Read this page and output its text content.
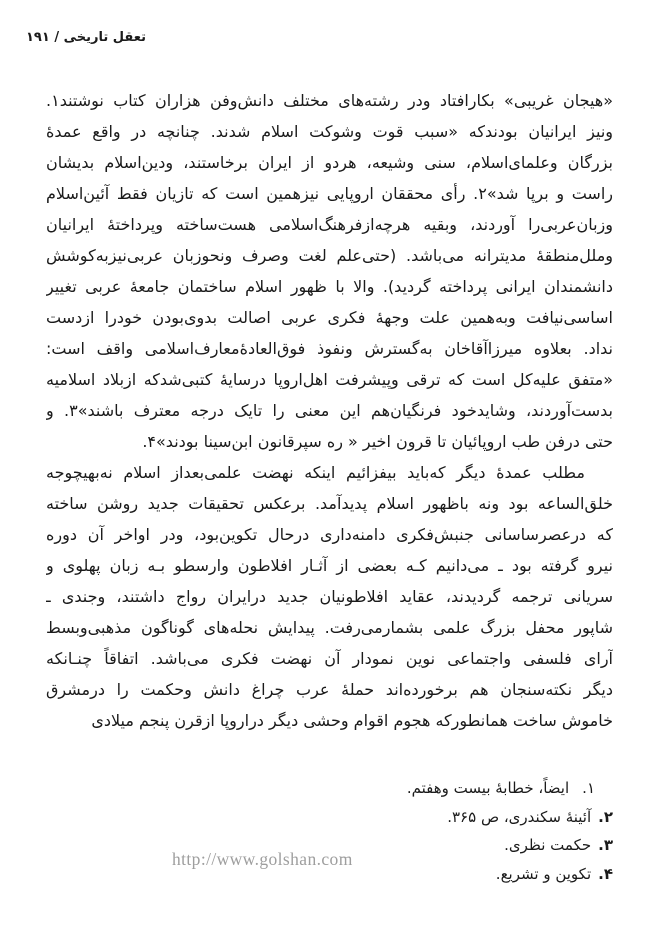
تعقل تاریخی / ۱۹۱
«هیجان غریبی» بکارافتاد ودر رشته‌های مختلف دانش‌وفن هزاران کتاب نوشتند۱.
ونیز ایرانیان بودندکه «سبب قوت وشوکت اسلام شدند. چنانچه در واقع عمدهٔ
بزرگان وعلمای‌اسلام، سنی وشیعه، هردو از ایران برخاستند، ودین‌اسلام بدیشان
راست و برپا شد»۲. رأی محققان اروپایی نیزهمین است که تازیان فقط آئین‌اسلام
وزبان‌عربی‌را آوردند، وبقیه هرچه‌ازفرهنگ‌اسلامی هست‌ساخته وپرداختهٔ ایرانیان
وملل‌منطقهٔ مدیترانه می‌باشد. (حتی‌علم لغت وصرف ونحوزبان عربی‌نیزبه‌کوشش
دانشمندان ایرانی پرداخته گردید). والا با ظهور اسلام ساختمان جامعهٔ عربی تغییر
اساسی‌نیافت وبه‌همین علت وجههٔ فکری عربی اصالت بدوی‌بودن خودرا ازدست
نداد. بعلاوه میرزاآقاخان به‌گسترش ونفوذ فوق‌العادهٔ‌معارف‌اسلامی واقف است:
«متفق علیه‌کل است که ترقی وپیشرفت اهل‌اروپا درسایهٔ کتبی‌شدکه ازبلاد اسلامیه
بدست‌آوردند، وشایدخود فرنگیان‌هم این معنی را تایک درجه معترف باشند»۳. و
حتی درفن طب اروپائیان تا قرون اخیر « ره سپرقانون ابن‌سینا بودند»۴.
مطلب عمدهٔ دیگر که‌باید بیفزائیم اینکه نهضت علمی‌بعداز اسلام نه‌بهیچوجه
خلق‌الساعه بود ونه باظهور اسلام پدیدآمد. برعکس تحقیقات جدید روشن ساخته
که درعصرساسانی جنبش‌فکری دامنه‌داری درحال تکوین‌بود، ودر اواخر آن دوره
نیرو گرفته بود ـ می‌دانیم کـه بعضی از آثـار افلاطون وارسطو بـه زبان پهلوی و
سریانی ترجمه گردیدند، عقاید افلاطونیان جدید درایران رواج داشتند، وجندی ـ
شاپور محفل بزرگ علمی بشمارمی‌رفت. پیدایش نحله‌های گوناگون مذهبی‌وبسط
آرای فلسفی واجتماعی نوین نمودار آن نهضت فکری می‌باشد. اتفاقاً چنـانکه
دیگر نکته‌سنجان هم برخورده‌اند حملهٔ عرب چراغ دانش وحکمت را درمشرق
خاموش ساخت همانطورکه هجوم اقوام وحشی دیگر دراروپا ازقرن پنجم میلادی
۱.ایضاً، خطابهٔ بیست وهفتم.
۲.آئینهٔ سکندری، ص ۳۶۵.
۳.حکمت نظری.
۴.تکوین و تشریع.
http://www.golshan.com
